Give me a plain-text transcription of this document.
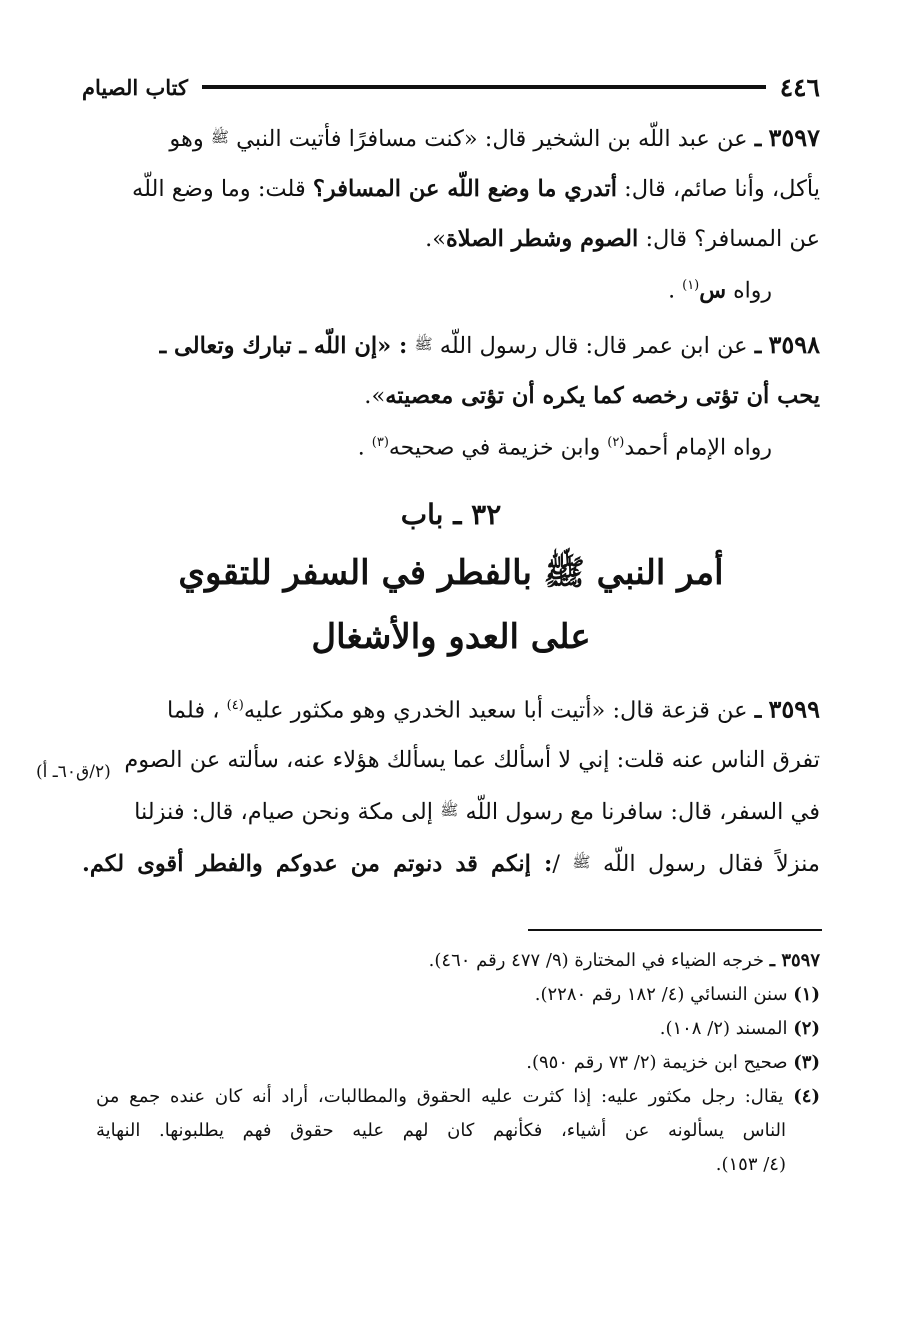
٤٤٦
كتاب الصيام

٣٥٩٧ ـ عن عبد اللّه بن الشخير قال: «كنت مسافرًا فأتيت النبي ﷺ وهو

يأكل، وأنا صائم، قال: أتدري ما وضع اللّه عن المسافر؟ قلت: وما وضع اللّه

عن المسافر؟ قال: الصوم وشطر الصلاة».

رواه س$^{(١)}$ .

٣٥٩٨ ـ عن ابن عمر قال: قال رسول اللّه ﷺ : «إن اللّه ـ تبارك وتعالى ـ

يحب أن تؤتى رخصه كما يكره أن تؤتى معصيته».

رواه الإمام أحمد$^{(٢)}$ وابن خزيمة في صحيحه$^{(٣)}$ .

٣٢ ـ باب
أمر النبي ﷺ بالفطر في السفر للتقوي
على العدو والأشغال

٣٥٩٩ ـ عن قزعة قال: «أتيت أبا سعيد الخدري وهو مكثور عليه$^{(٤)}$ ، فلما

تفرق الناس عنه قلت: إني لا أسألك عما يسألك هؤلاء عنه، سألته عن الصوم

في السفر، قال: سافرنا مع رسول اللّه ﷺ إلى مكة ونحن صيام، قال: فنزلنا

منزلاً فقال رسول اللّه ﷺ /: إنكم قد دنوتم من عدوكم والفطر أقوى لكم.

(٢/ق٦٠ـ أ)

٣٥٩٧ ـ خرجه الضياء في المختارة (٩/ ٤٧٧ رقم ٤٦٠).

(١) سنن النسائي (٤/ ١٨٢ رقم ٢٢٨٠).

(٢) المسند (٢/ ١٠٨).

(٣) صحيح ابن خزيمة (٢/ ٧٣ رقم ٩٥٠).

(٤) يقال: رجل مكثور عليه: إذا كثرت عليه الحقوق والمطالبات، أراد أنه كان عنده جمع من

الناس يسألونه عن أشياء، فكأنهم كان لهم عليه حقوق فهم يطلبونها. النهاية

(٤/ ١٥٣).
